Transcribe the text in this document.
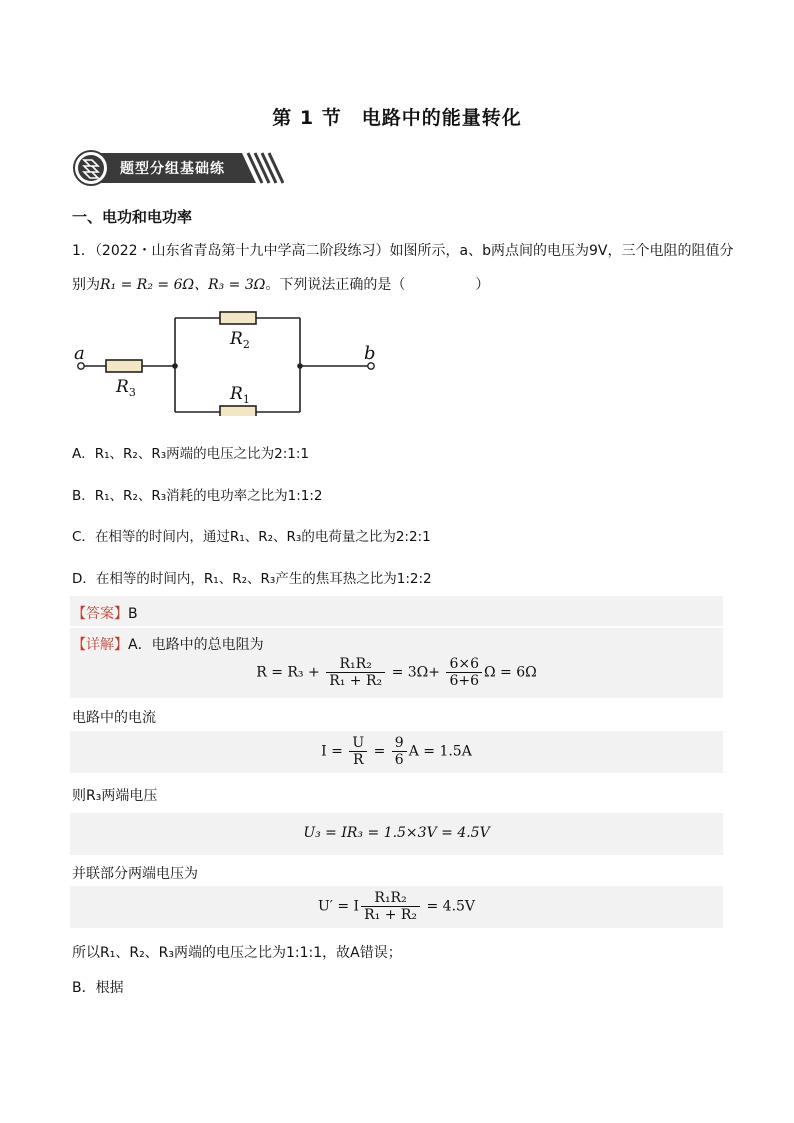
第 1 节　电路中的能量转化
题型分组基础练
一、电功和电功率
1．（2022・山东省青岛第十九中学高二阶段练习）如图所示，a、b两点间的电压为9V，三个电阻的阻值分
别为R₁ = R₂ = 6Ω、R₃ = 3Ω。下列说法正确的是（　　　　　）
a	b
$R_2$
$R_1$
$R_3$
A．R₁、R₂、R₃两端的电压之比为2:1:1
B．R₁、R₂、R₃消耗的电功率之比为1:1:2
C．在相等的时间内，通过R₁、R₂、R₃的电荷量之比为2:2:1
D．在相等的时间内，R₁、R₂、R₃产生的焦耳热之比为1:2:2
【答案】B
【详解】A．电路中的总电阻为
$R = R_3 + \frac{\text{R₁R₂}}{\text{R₁ + R₂}} = 3\Omega+ \frac{6\times 6}{6+6}$ Ω = 6Ω
电路中的电流
$I = \frac{U}{R} = \frac{9}{6}$ A = 1.5A
则R₃两端电压
U₃ = IR₃ = 1.5×3V = 4.5V
并联部分两端电压为
U′ = I $\frac{\text{R₁R₂}}{\text{R₁ + R₂}} = 4.5V$
所以R₁、R₂、R₃两端的电压之比为1:1:1，故A错误；
B．根据
